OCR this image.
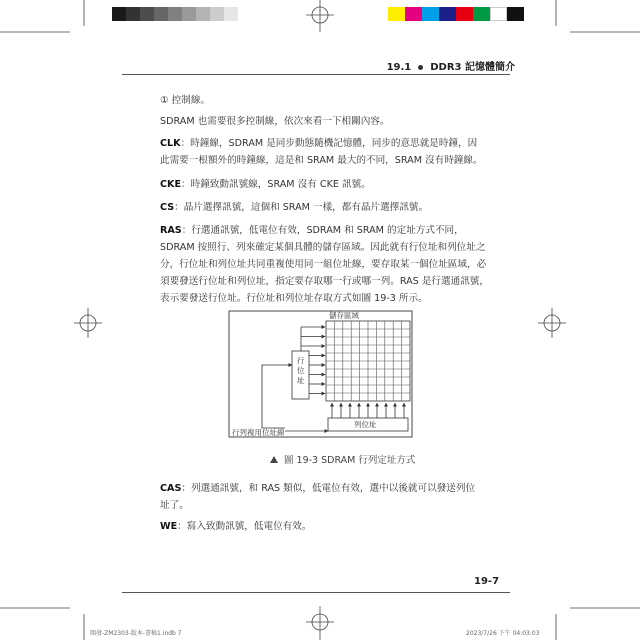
19.1 DDR3 記憶體簡介
① 控制線。
SDRAM 也需要很多控制線，依次來看一下相關內容。
CLK：時鐘線，SDRAM 是同步動態隨機記憶體，同步的意思就是時鐘，因
此需要一根額外的時鐘線，這是和 SRAM 最大的不同，SRAM 沒有時鐘線。
CKE：時鐘致動訊號線，SRAM 沒有 CKE 訊號。
CS：晶片選擇訊號，這個和 SRAM 一樣，都有晶片選擇訊號。
RAS：行選通訊號，低電位有效，SDRAM 和 SRAM 的定址方式不同，
SDRAM 按照行、列來確定某個具體的儲存區域。因此就有行位址和列位址之
分，行位址和列位址共同重複使用同一組位址線，要存取某一個位址區域，必
須要發送行位址和列位址，指定要存取哪一行或哪一列。RAS 是行選通訊號，
表示要發送行位址。行位址和列位址存取方式如圖 19-3 所示。
儲存區域
行位址
列位址
行列複用位址線
圖 19-3 SDRAM 行列定址方式
CAS：列選通訊號，和 RAS 類似，低電位有效，選中以後就可以發送列位
址了。
WE：寫入致動訊號，低電位有效。
19-7
開發-ZM2303-版本-書稿1.indb 7	2023/7/26 下午 04:03:03
